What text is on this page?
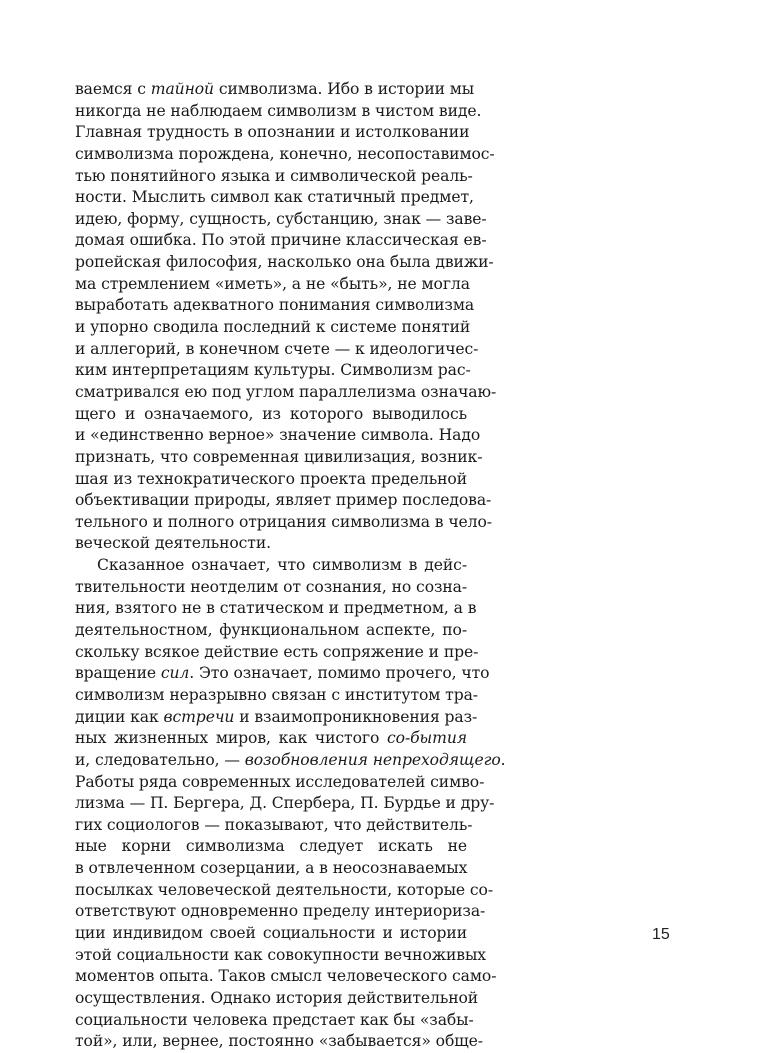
ваемся с тайной символизма. Ибо в истории мы
никогда не наблюдаем символизм в чистом виде.
Главная трудность в опознании и истолковании
символизма порождена, конечно, несопоставимос-
тью понятийного языка и символической реаль-
ности. Мыслить символ как статичный предмет,
идею, форму, сущность, субстанцию, знак — заве-
домая ошибка. По этой причине классическая ев-
ропейская философия, насколько она была движи-
ма стремлением «иметь», а не «быть», не могла
выработать адекватного понимания символизма
и упорно сводила последний к системе понятий
и аллегорий, в конечном счете — к идеологичес-
ким интерпретациям культуры. Символизм рас-
сматривался ею под углом параллелизма означаю-
щего и означаемого, из которого выводилось
и «единственно верное» значение символа. Надо
признать, что современная цивилизация, возник-
шая из технократического проекта предельной
объективации природы, являет пример последова-
тельного и полного отрицания символизма в чело-
веческой деятельности.
Сказанное означает, что символизм в дейс-
твительности неотделим от сознания, но созна-
ния, взятого не в статическом и предметном, а в
деятельностном, функциональном аспекте, по-
скольку всякое действие есть сопряжение и пре-
вращение сил. Это означает, помимо прочего, что
символизм неразрывно связан с институтом тра-
диции как встречи и взаимопроникновения раз-
ных жизненных миров, как чистого со-бытия
и, следовательно, — возобновления непреходящего.
Работы ряда современных исследователей симво-
лизма — П. Бергера, Д. Спербера, П. Бурдье и дру-
гих социологов — показывают, что действитель-
ные корни символизма следует искать не
в отвлеченном созерцании, а в неосознаваемых
посылках человеческой деятельности, которые со-
ответствуют одновременно пределу интериориза-
ции индивидом своей социальности и истории
этой социальности как совокупности вечноживых
моментов опыта. Таков смысл человеческого само-
осуществления. Однако история действительной
социальности человека предстает как бы «забы-
той», или, вернее, постоянно «забывается» обще-
15
